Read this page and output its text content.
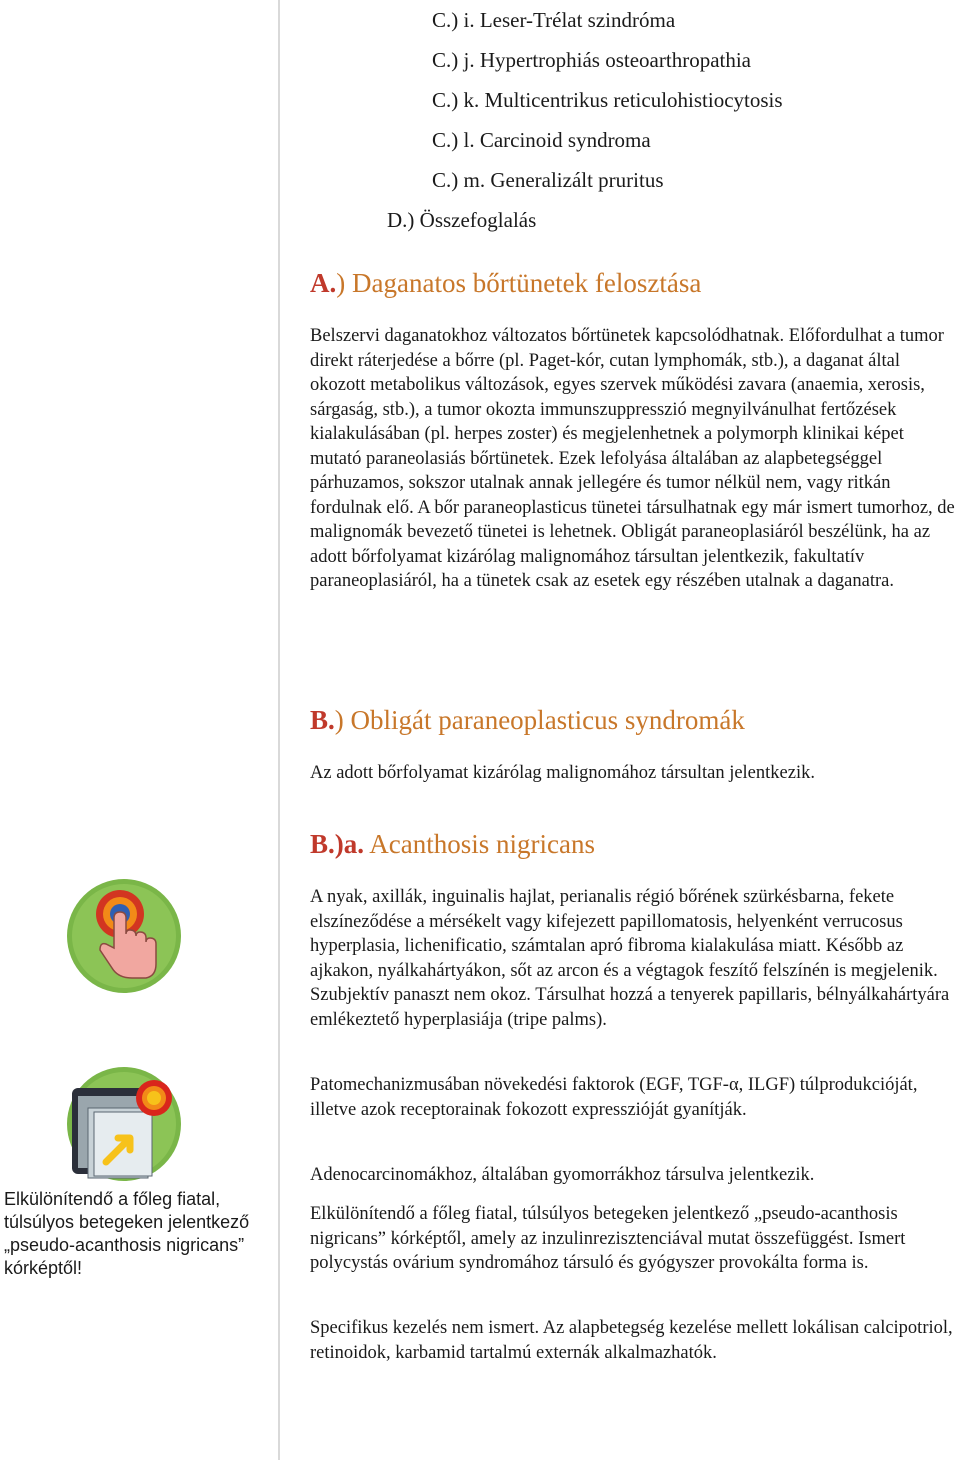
C.) i. Leser-Trélat szindróma

C.) j. Hypertrophiás osteoarthropathia

C.) k. Multicentrikus reticulohistiocytosis

C.) l. Carcinoid syndroma

C.) m. Generalizált pruritus

D.) Összefoglalás

A.) Daganatos bőrtünetek felosztása

Belszervi daganatokhoz változatos bőrtünetek kapcsolódhatnak. Előfordulhat a tumor direkt ráterjedése a bőrre (pl. Paget-kór, cutan lymphomák, stb.), a daganat által okozott metabolikus változások, egyes szervek működési zavara (anaemia, xerosis, sárgaság, stb.), a tumor okozta immunszuppresszió megnyilvánulhat fertőzések kialakulásában (pl. herpes zoster) és megjelenhetnek a polymorph klinikai képet mutató paraneolasiás bőrtünetek. Ezek lefolyása általában az alapbetegséggel párhuzamos, sokszor utalnak annak jellegére és tumor nélkül nem, vagy ritkán fordulnak elő. A bőr paraneoplasticus tünetei társulhatnak egy már ismert tumorhoz, de malignomák bevezető tünetei is lehetnek. Obligát paraneoplasiáról beszélünk, ha az adott bőrfolyamat kizárólag malignomához társultan jelentkezik, fakultatív paraneoplasiáról, ha a tünetek csak az esetek egy részében utalnak a daganatra.

B.) Obligát paraneoplasticus syndromák

Az adott bőrfolyamat kizárólag malignomához társultan jelentkezik.

B.)a. Acanthosis nigricans

A nyak, axillák, inguinalis hajlat, perianalis régió bőrének szürkésbarna, fekete elszíneződése a mérsékelt vagy kifejezett papillomatosis, helyenként verrucosus hyperplasia, lichenificatio, számtalan apró fibroma kialakulása miatt. Később az ajkakon, nyálkahártyákon, sőt az arcon és a végtagok feszítő felszínén is megjelenik. Szubjektív panaszt nem okoz. Társulhat hozzá a tenyerek papillaris, bélnyálkahártyára emlékeztető hyperplasiája (tripe palms).

Patomechanizmusában növekedési faktorok (EGF, TGF-α, ILGF) túlprodukcióját, illetve azok receptorainak fokozott expresszióját gyanítják.

Adenocarcinomákhoz, általában gyomorrákhoz társulva jelentkezik.

Elkülönítendő a főleg fiatal, túlsúlyos betegeken jelentkező „pseudo-acanthosis nigricans” kórképtől, amely az inzulinrezisztenciával mutat összefüggést. Ismert polycystás ovárium syndromához társuló és gyógyszer provokálta forma is.

Specifikus kezelés nem ismert. Az alapbetegség kezelése mellett lokálisan calcipotriol, retinoidok, karbamid tartalmú externák alkalmazhatók.

Elkülönítendő a főleg fiatal, túlsúlyos betegeken jelentkező „pseudo-acanthosis nigricans” kórképtől!
